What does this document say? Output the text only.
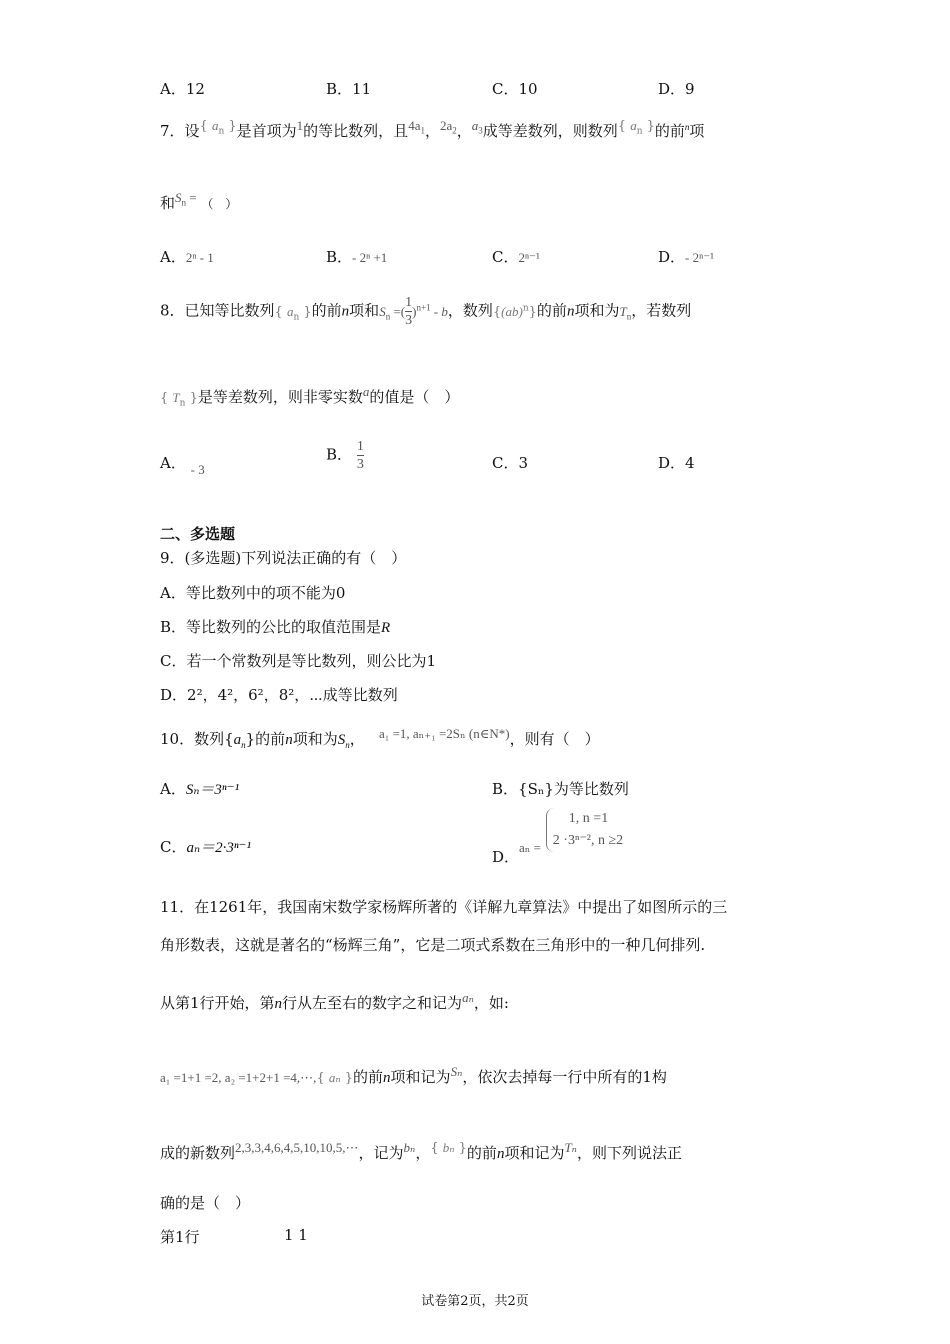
A．12	B．11	C．10	D．9
7．设$^{\{ a_n \}}$是首项为$^1$的等比数列，且$^{4a_1}$，$^{2a_2}$，$^{a_3}$成等差数列，则数列$^{\{ a_n \}}$的前$^n$项
和$^{S_n =}$ （　）
A．2ⁿ - 1	B．- 2ⁿ +1	C．2ⁿ⁻¹	D．- 2ⁿ⁻¹
8．已知等比数列{ $a_n$ }的前n项和$S_n$ =( $\frac{1}{3} )^{n+1}$ - b，数列{(ab)$^n$}的前n项和为$T_n$，若数列
{ $T_n$ }是等差数列，则非零实数$^a$的值是（　）
A． - 3
B． $\frac{1}{3}$	C．3	D．4
二、多选题
9．(多选题)下列说法正确的有（　）
A．等比数列中的项不能为0
B．等比数列的公比的取值范围是R
C．若一个常数列是等比数列，则公比为1
D．2²，4²，6²，8²，⋯成等比数列
10．数列$\{a_n\}$的前n项和为$S_n$， $^{a_1 =1, a_{n+1} =2S_n (n\in N*)}$，则有（　）
A．Sₙ＝3ⁿ⁻¹	B．{Sₙ}为等比数列
C．aₙ＝2·3ⁿ⁻¹	D．aₙ =
1, n =1
2 ·3ⁿ⁻², n ≥2
11．在1261年，我国南宋数学家杨辉所著的《详解九章算法》中提出了如图所示的三
角形数表，这就是著名的“杨辉三角”，它是二项式系数在三角形中的一种几何排列.
从第1行开始，第n行从左至右的数字之和记为$^{a_n}$，如:
a₁ =1+1 =2, a₂ =1+2+1 =4,⋯,{ aₙ }的前n项和记为$^{S_n}$，依次去掉每一行中所有的1构
成的新数列$^{2,3,3,4,6,4,5,10,10,5,\cdots}$，记为$^{b_n}$，$^{\{ b_n \}}$的前n项和记为$^{T_n}$，则下列说法正
确的是（　）
第1行	1 1
试卷第2页，共2页
